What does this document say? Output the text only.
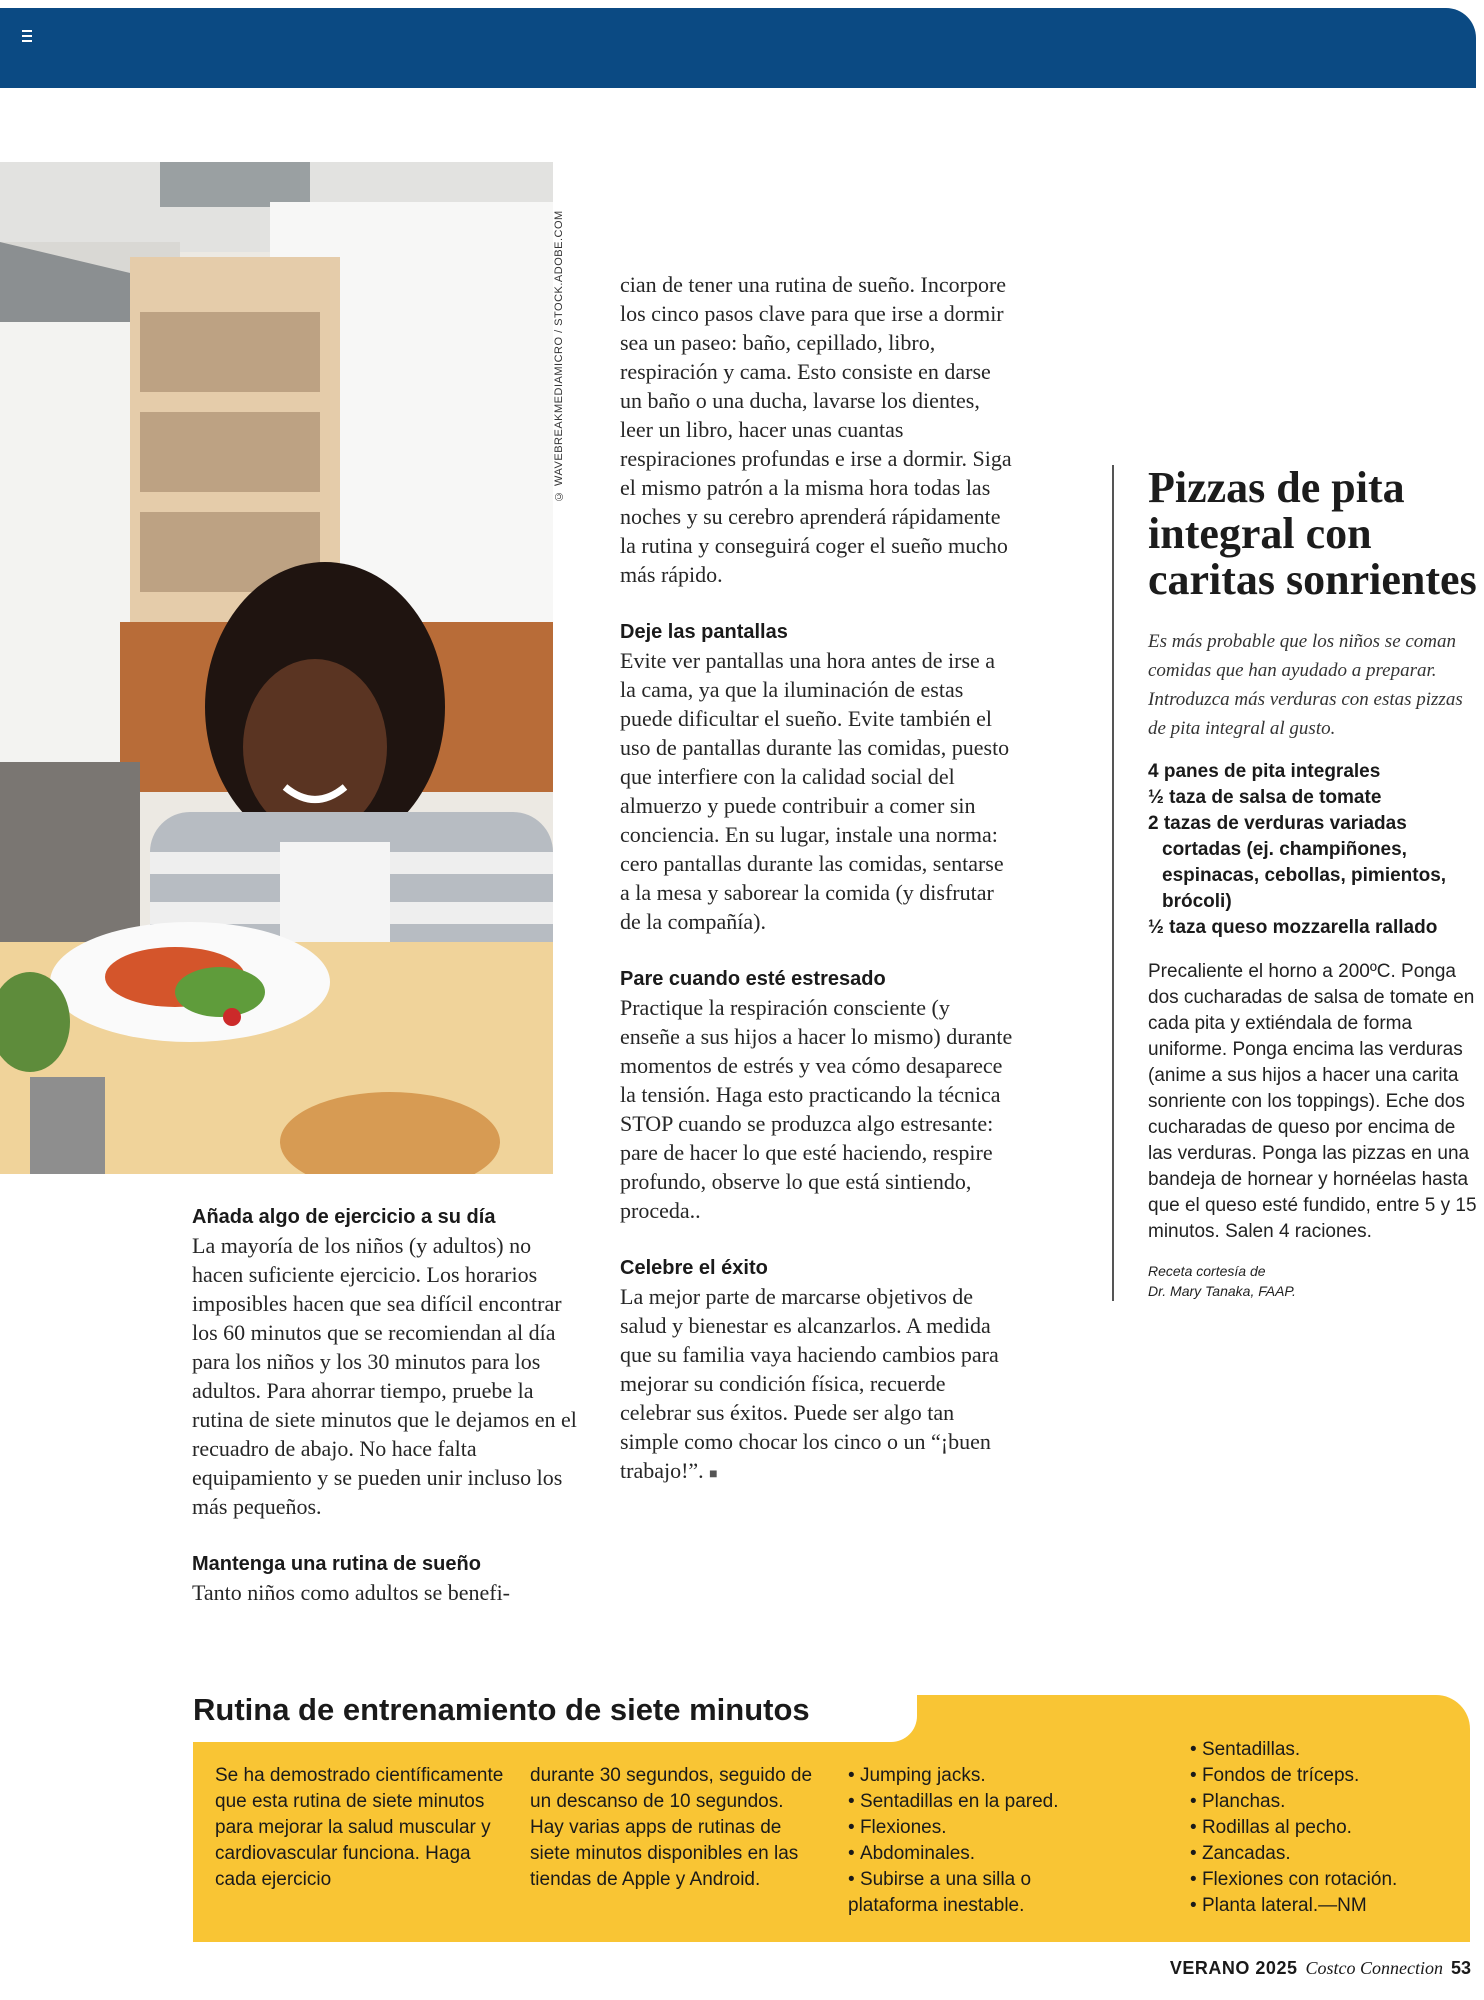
© WAVEBREAKMEDIAMICRO / STOCK.ADOBE.COM
Añada algo de ejercicio a su día

La mayoría de los niños (y adultos) no hacen suficiente ejercicio. Los horarios imposibles hacen que sea difícil encontrar los 60 minutos que se recomiendan al día para los niños y los 30 minutos para los adultos. Para ahorrar tiempo, pruebe la rutina de siete minutos que le dejamos en el recuadro de abajo. No hace falta equipamiento y se pueden unir incluso los más pequeños.

Mantenga una rutina de sueño

Tanto niños como adultos se benefi-

cian de tener una rutina de sueño. Incorpore los cinco pasos clave para que irse a dormir sea un paseo: baño, cepillado, libro, respiración y cama. Esto consiste en darse un baño o una ducha, lavarse los dientes, leer un libro, hacer unas cuantas respiraciones profundas e irse a dormir. Siga el mismo patrón a la misma hora todas las noches y su cerebro aprenderá rápidamente la rutina y conseguirá coger el sueño mucho más rápido.

Deje las pantallas

Evite ver pantallas una hora antes de irse a la cama, ya que la iluminación de estas puede dificultar el sueño. Evite también el uso de pantallas durante las comidas, puesto que interfiere con la calidad social del almuerzo y puede contribuir a comer sin conciencia. En su lugar, instale una norma: cero pantallas durante las comidas, sentarse a la mesa y saborear la comida (y disfrutar de la compañía).

Pare cuando esté estresado

Practique la respiración consciente (y enseñe a sus hijos a hacer lo mismo) durante momentos de estrés y vea cómo desaparece la tensión. Haga esto practicando la técnica STOP cuando se produzca algo estresante: pare de hacer lo que esté haciendo, respire profundo, observe lo que está sintiendo, proceda..

Celebre el éxito

La mejor parte de marcarse objetivos de salud y bienestar es alcanzarlos. A medida que su familia vaya haciendo cambios para mejorar su condición física, recuerde celebrar sus éxitos. Puede ser algo tan simple como chocar los cinco o un “¡buen trabajo!”. ■

Pizzas de pita integral con caritas sonrientes

Es más probable que los niños se coman comidas que han ayudado a preparar. Introduzca más verduras con estas pizzas de pita integral al gusto.

4 panes de pita integrales
½ taza de salsa de tomate
2 tazas de verduras variadas cortadas (ej. champiñones, espinacas, cebollas, pimientos, brócoli)
½ taza queso mozzarella rallado

Precaliente el horno a 200ºC. Ponga dos cucharadas de salsa de tomate en cada pita y extiéndala de forma uniforme. Ponga encima las verduras (anime a sus hijos a hacer una carita sonriente con los toppings). Eche dos cucharadas de queso por encima de las verduras. Ponga las pizzas en una bandeja de hornear y hornéelas hasta que el queso esté fundido, entre 5 y 15 minutos. Salen 4 raciones.

Receta cortesía de
Dr. Mary Tanaka, FAAP.

Rutina de entrenamiento de siete minutos

Se ha demostrado científicamente que esta rutina de siete minutos para mejorar la salud muscular y cardiovascular funciona. Haga cada ejercicio

durante 30 segundos, seguido de un descanso de 10 segundos. Hay varias apps de rutinas de siete minutos disponibles en las tiendas de Apple y Android.

• Jumping jacks.
• Sentadillas en la pared.
• Flexiones.
• Abdominales.
• Subirse a una silla o

plataforma inestable.

• Sentadillas.
• Fondos de tríceps.
• Planchas.
• Rodillas al pecho.
• Zancadas.
• Flexiones con rotación.
• Planta lateral.—NM
VERANO 2025 Costco Connection 53
